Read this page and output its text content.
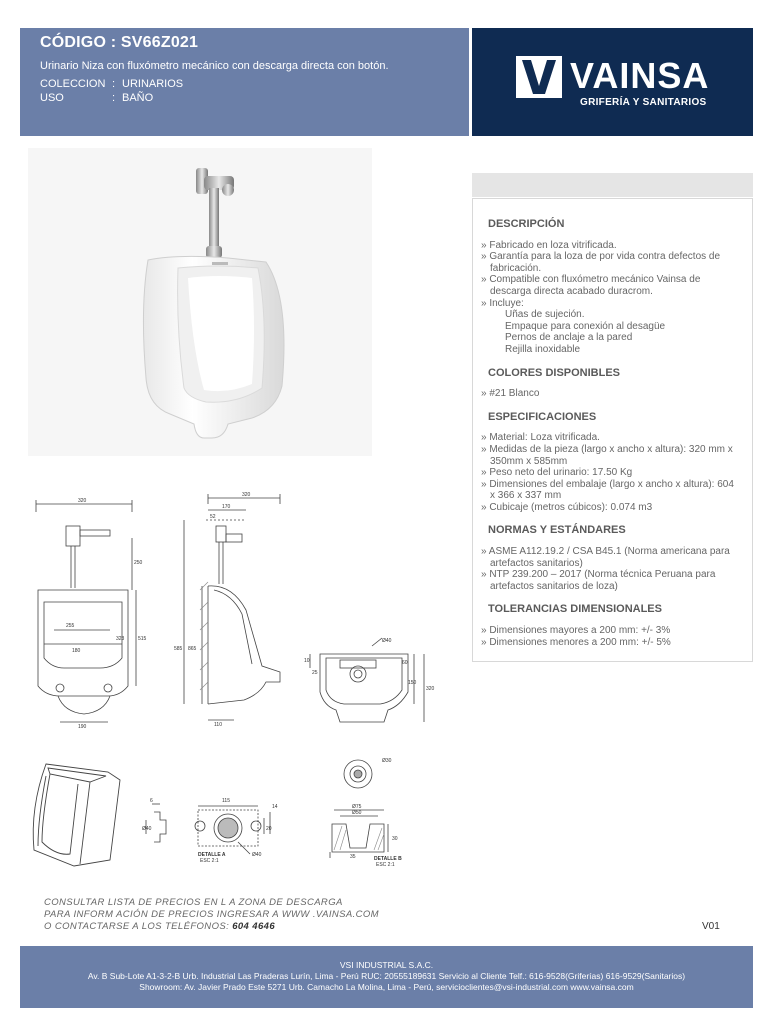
CÓDIGO : SV66Z021
Urinario Niza con fluxómetro mecánico con descarga directa con botón.
COLECCION : URINARIOS
USO	: BAÑO
VAINSA
GRIFERÍA Y SANITARIOS
DESCRIPCIÓN
» Fabricado en loza vitrificada.
» Garantía para la loza de por vida contra defectos de fabricación.
» Compatible con fluxómetro mecánico Vainsa de descarga directa acabado duracrom.
» Incluye:
Uñas de sujeción.
Empaque para conexión al desagüe
Pernos de anclaje a la pared
Rejilla inoxidable
COLORES DISPONIBLES
» #21 Blanco
ESPECIFICACIONES
» Material: Loza vitrificada.
» Medidas de la pieza (largo x ancho x altura): 320 mm x 350mm x 585mm
» Peso neto del urinario: 17.50 Kg
» Dimensiones del embalaje (largo x ancho x altura): 604 x 366 x 337 mm
» Cubicaje (metros cúbicos): 0.074 m3
NORMAS Y ESTÁNDARES
» ASME A112.19.2 / CSA B45.1 (Norma americana para artefactos sanitarios)
» NTP 239.200 – 2017 (Norma técnica Peruana para artefactos sanitarios de loza)
TOLERANCIAS DIMENSIONALES
» Dimensiones mayores a 200 mm: +/- 3%
» Dimensiones menores a 200 mm: +/- 5%
320
255
250
515
323
180
190
320
170
52
585 865
110
Ø40
150
320
10
25
60
115
6
14
Ø40	20
Ø40
DETALLE A
ESC 2:1
Ø30
Ø75
Ø50
35
30
DETALLE B
ESC 2:1
CONSULTAR LISTA DE PRECIOS EN L A ZONA DE DESCARGA
PARA INFORM ACIÓN DE PRECIOS INGRESAR A WWW .VAINSA.COM
O CONTACTARSE A LOS TELÉFONOS: 604 4646	V01
VSI INDUSTRIAL S.A.C.
Av. B Sub-Lote A1-3-2-B Urb. Industrial Las Praderas Lurín, Lima - Perú RUC: 20555189631 Servicio al Cliente Telf.: 616-9528(Griferías) 616-9529(Sanitarios)
Showroom: Av. Javier Prado Este 5271 Urb. Camacho La Molina, Lima - Perú, servicioclientes@vsi-industrial.com www.vainsa.com
